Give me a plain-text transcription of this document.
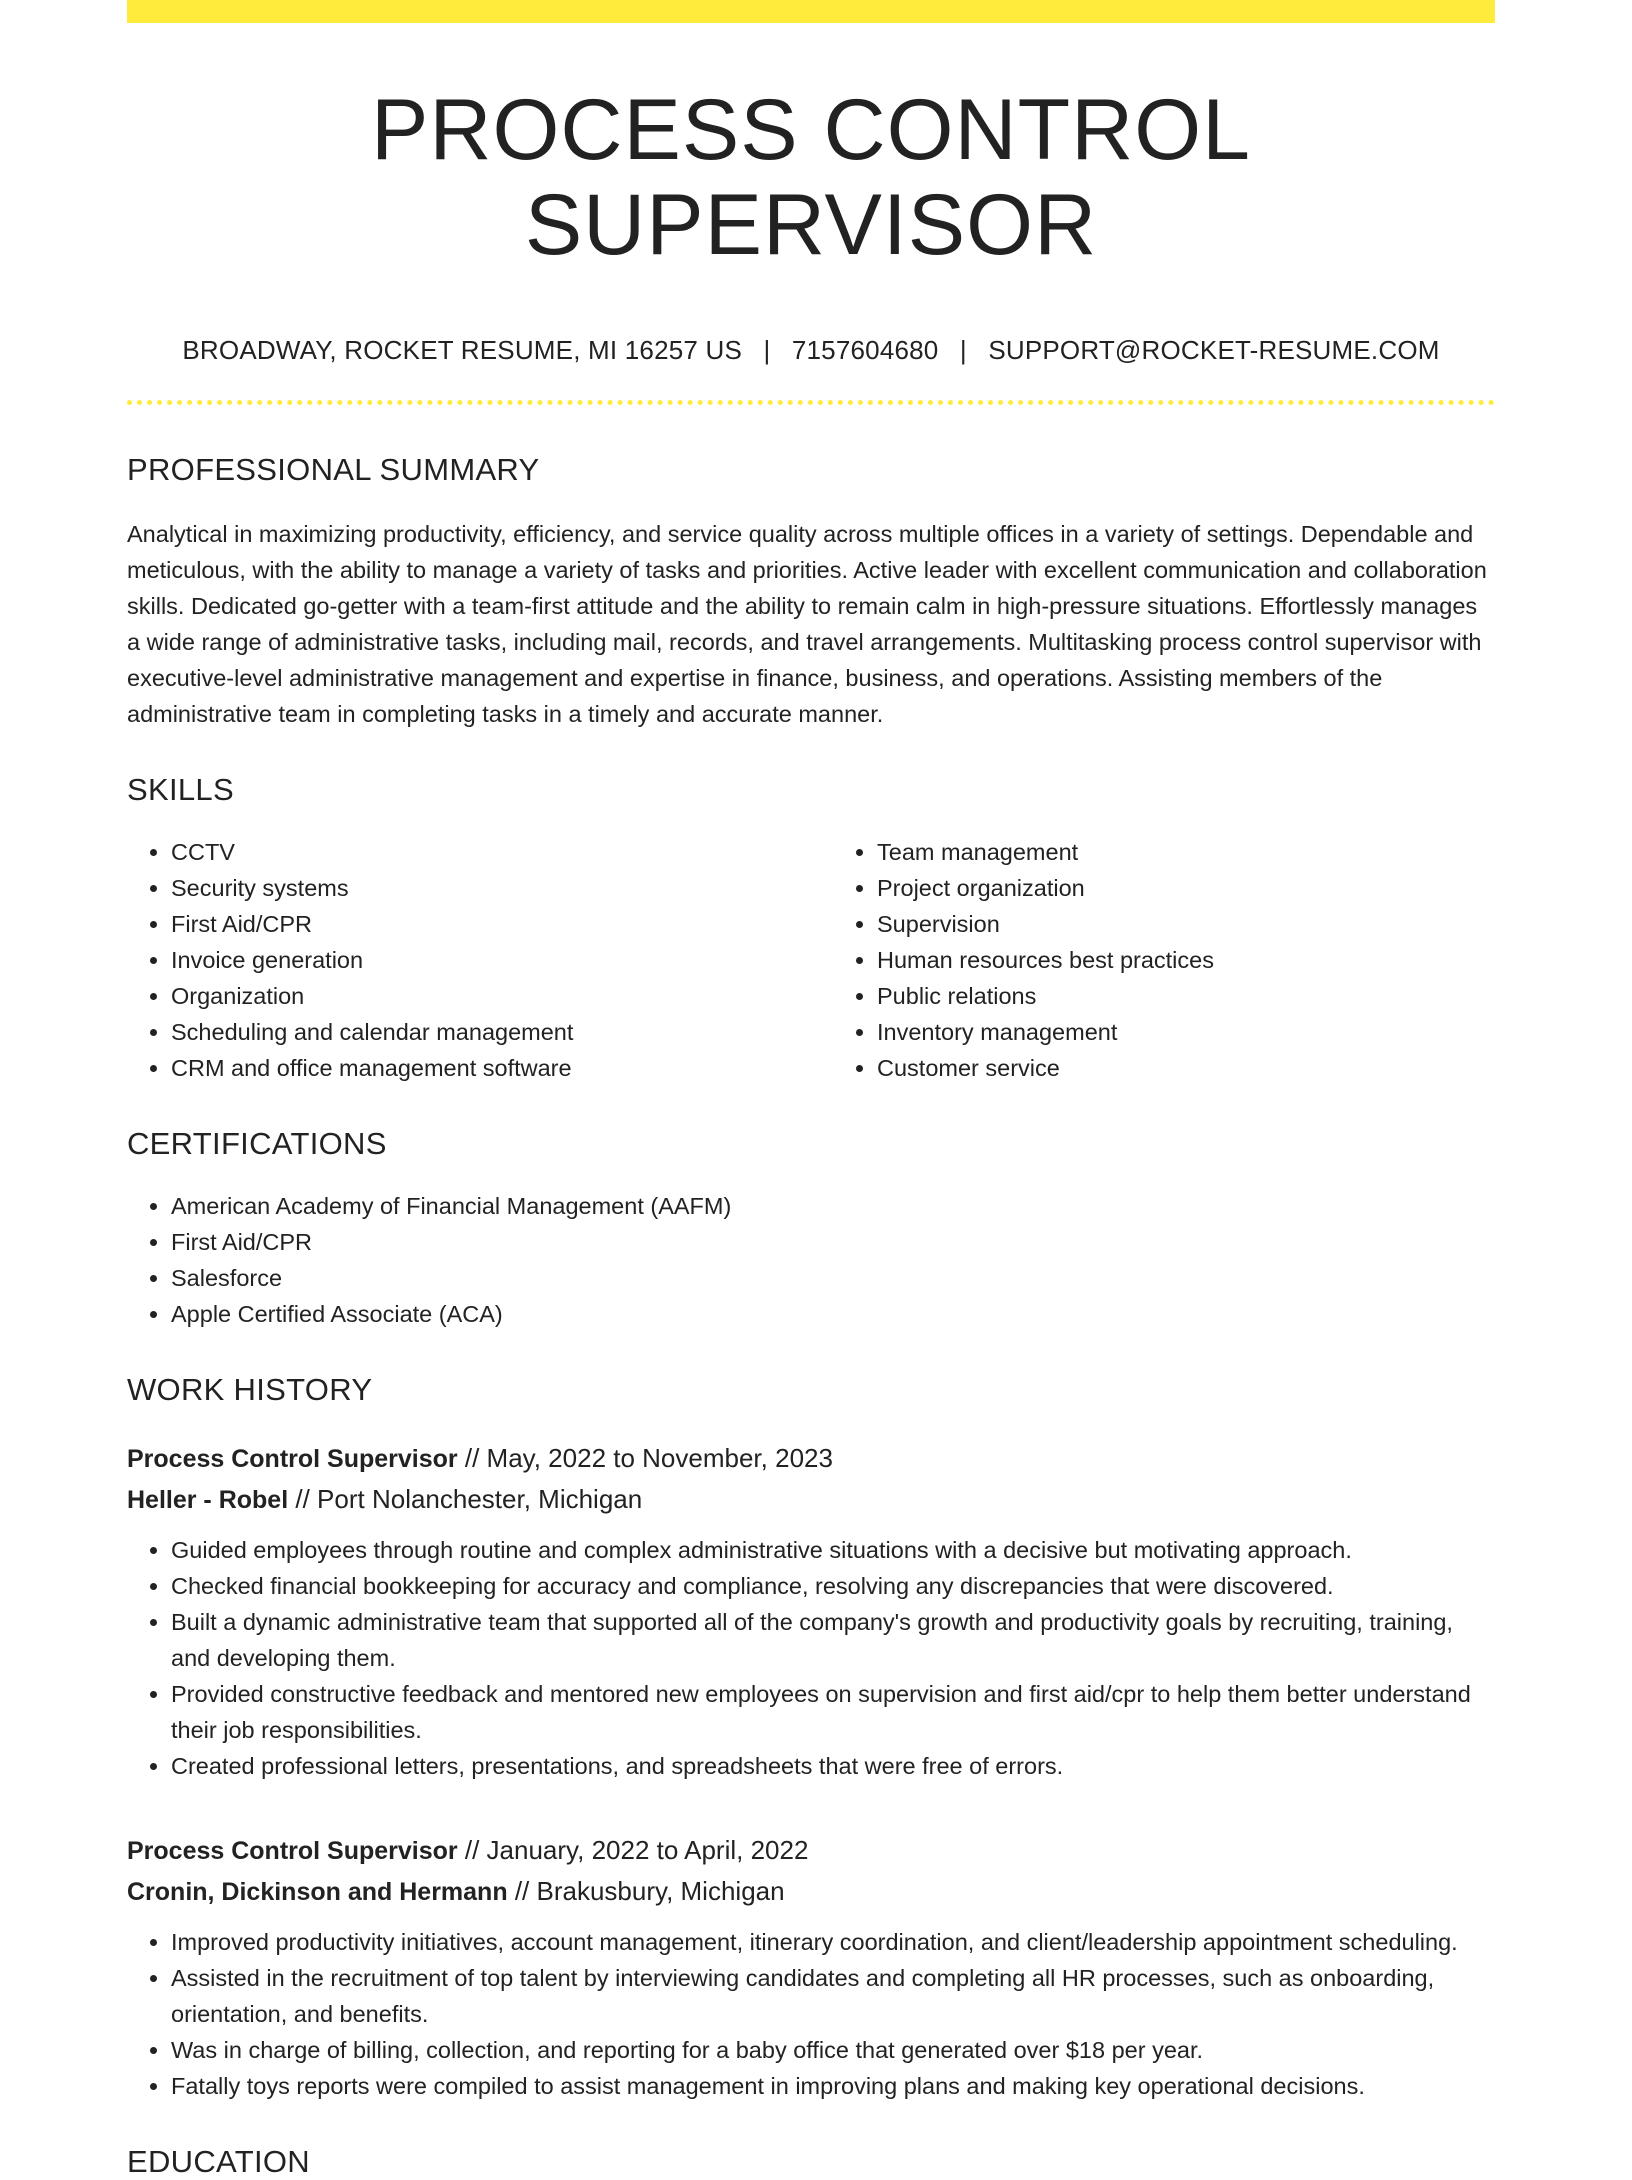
PROCESS CONTROL SUPERVISOR
BROADWAY, ROCKET RESUME, MI 16257 US | 7157604680 | SUPPORT@ROCKET-RESUME.COM
PROFESSIONAL SUMMARY
Analytical in maximizing productivity, efficiency, and service quality across multiple offices in a variety of settings. Dependable and meticulous, with the ability to manage a variety of tasks and priorities. Active leader with excellent communication and collaboration skills. Dedicated go-getter with a team-first attitude and the ability to remain calm in high-pressure situations. Effortlessly manages a wide range of administrative tasks, including mail, records, and travel arrangements. Multitasking process control supervisor with executive-level administrative management and expertise in finance, business, and operations. Assisting members of the administrative team in completing tasks in a timely and accurate manner.
SKILLS
• CCTV
• Security systems
• First Aid/CPR
• Invoice generation
• Organization
• Scheduling and calendar management
• CRM and office management software
• Team management
• Project organization
• Supervision
• Human resources best practices
• Public relations
• Inventory management
• Customer service
CERTIFICATIONS
• American Academy of Financial Management (AAFM)
• First Aid/CPR
• Salesforce
• Apple Certified Associate (ACA)
WORK HISTORY
Process Control Supervisor // May, 2022 to November, 2023
Heller - Robel // Port Nolanchester, Michigan
• Guided employees through routine and complex administrative situations with a decisive but motivating approach.
• Checked financial bookkeeping for accuracy and compliance, resolving any discrepancies that were discovered.
• Built a dynamic administrative team that supported all of the company's growth and productivity goals by recruiting, training, and developing them.
• Provided constructive feedback and mentored new employees on supervision and first aid/cpr to help them better understand their job responsibilities.
• Created professional letters, presentations, and spreadsheets that were free of errors.
Process Control Supervisor // January, 2022 to April, 2022
Cronin, Dickinson and Hermann // Brakusbury, Michigan
• Improved productivity initiatives, account management, itinerary coordination, and client/leadership appointment scheduling.
• Assisted in the recruitment of top talent by interviewing candidates and completing all HR processes, such as onboarding, orientation, and benefits.
• Was in charge of billing, collection, and reporting for a baby office that generated over $18 per year.
• Fatally toys reports were compiled to assist management in improving plans and making key operational decisions.
EDUCATION
